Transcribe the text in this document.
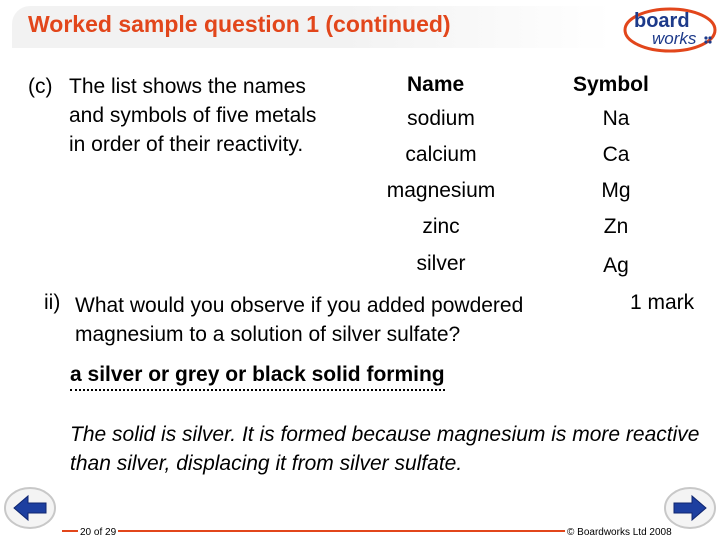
Worked sample question 1 (continued)	board
works
(c) The list shows the names and symbols of five metals in order of their reactivity.
Name	Symbol
sodium	Na
calcium	Ca
magnesium	Mg
zinc	Zn
silver	Ag
ii) What would you observe if you added powdered magnesium to a solution of silver sulfate?
1 mark
a silver or grey or black solid forming
The solid is silver. It is formed because magnesium is more reactive than silver, displacing it from silver sulfate.
20 of 29	© Boardworks Ltd 2008
